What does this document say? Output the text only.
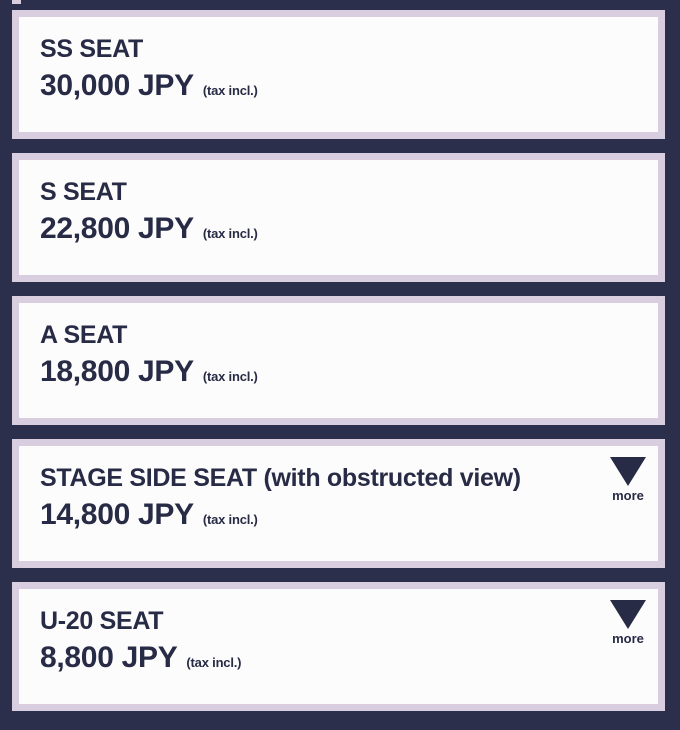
SS SEAT
30,000 JPY (tax incl.)
S SEAT
22,800 JPY (tax incl.)
A SEAT
18,800 JPY (tax incl.)
STAGE SIDE SEAT (with obstructed view)
14,800 JPY (tax incl.)
more
U-20 SEAT
8,800 JPY (tax incl.)
more
